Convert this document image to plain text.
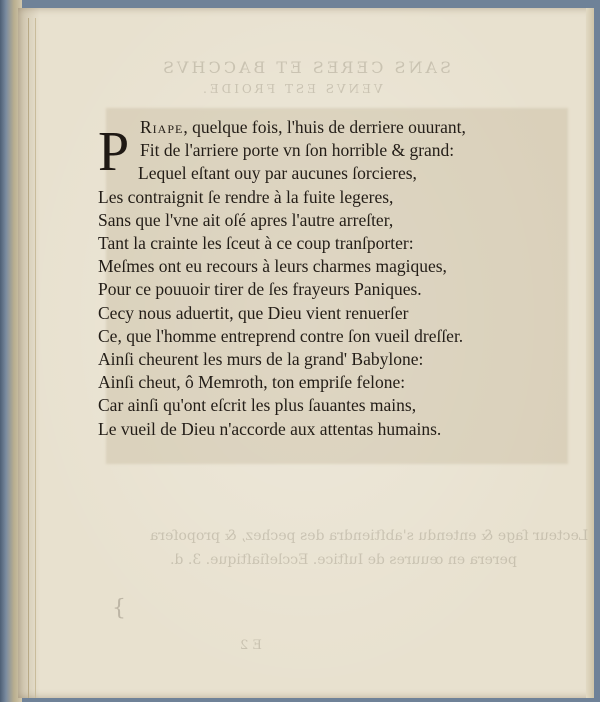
SANS CERES ET BACCHVS
VENVS EST FROIDE.
Lecteur ſage & entendu s'abſtiendra des pechez, & propoſera
perera en œuures de Iuſtice. Eccleſiaſtique. 3. d.
E 2
{
P Riape, quelque fois, l'huis de derriere ouurant,
Fit de l'arriere porte vn ſon horrible & grand:
Lequel eſtant ouy par aucunes ſorcieres,
Les contraignit ſe rendre à la fuite legeres,
Sans que l'vne ait oſé apres l'autre arreſter,
Tant la crainte les ſceut à ce coup tranſporter:
Meſmes ont eu recours à leurs charmes magiques,
Pour ce pouuoir tirer de ſes frayeurs Paniques.
Cecy nous aduertit, que Dieu vient renuerſer
Ce, que l'homme entreprend contre ſon vueil dreſſer.
Ainſi cheurent les murs de la grand' Babylone:
Ainſi cheut, ô Memroth, ton empriſe felone:
Car ainſi qu'ont eſcrit les plus ſauantes mains,
Le vueil de Dieu n'accorde aux attentas humains.
